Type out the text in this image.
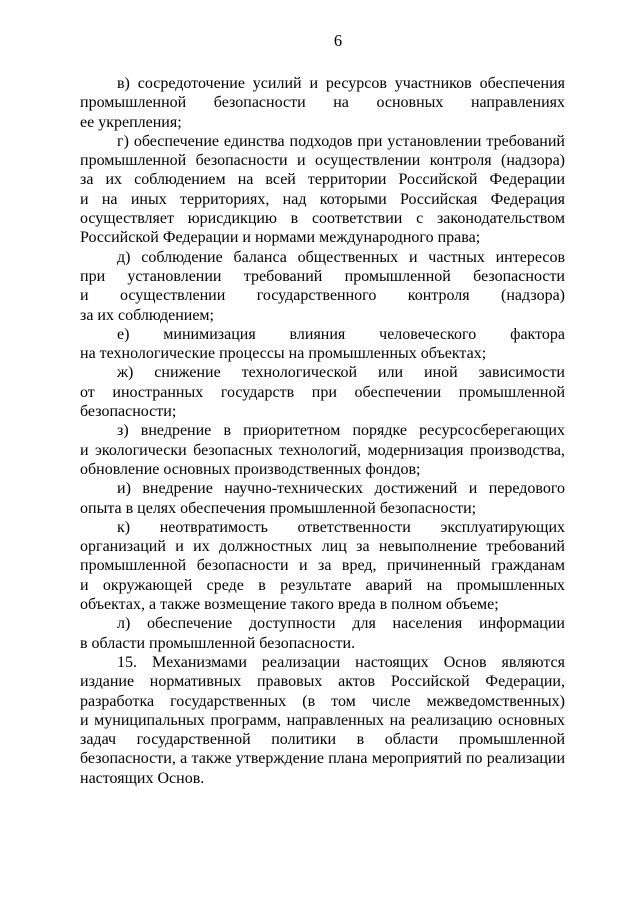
6
в) сосредоточение усилий и ресурсов участников обеспечения
промышленной безопасности на основных направлениях
ее укрепления;
г) обеспечение единства подходов при установлении требований
промышленной безопасности и осуществлении контроля (надзора)
за их соблюдением на всей территории Российской Федерации
и на иных территориях, над которыми Российская Федерация
осуществляет юрисдикцию в соответствии с законодательством
Российской Федерации и нормами международного права;
д) соблюдение баланса общественных и частных интересов
при установлении требований промышленной безопасности
и осуществлении государственного контроля (надзора)
за их соблюдением;
е) минимизация влияния человеческого фактора
на технологические процессы на промышленных объектах;
ж) снижение технологической или иной зависимости
от иностранных государств при обеспечении промышленной
безопасности;
з) внедрение в приоритетном порядке ресурсосберегающих
и экологически безопасных технологий, модернизация производства,
обновление основных производственных фондов;
и) внедрение научно-технических достижений и передового
опыта в целях обеспечения промышленной безопасности;
к) неотвратимость ответственности эксплуатирующих
организаций и их должностных лиц за невыполнение требований
промышленной безопасности и за вред, причиненный гражданам
и окружающей среде в результате аварий на промышленных
объектах, а также возмещение такого вреда в полном объеме;
л) обеспечение доступности для населения информации
в области промышленной безопасности.
15. Механизмами реализации настоящих Основ являются
издание нормативных правовых актов Российской Федерации,
разработка государственных (в том числе межведомственных)
и муниципальных программ, направленных на реализацию основных
задач государственной политики в области промышленной
безопасности, а также утверждение плана мероприятий по реализации
настоящих Основ.
